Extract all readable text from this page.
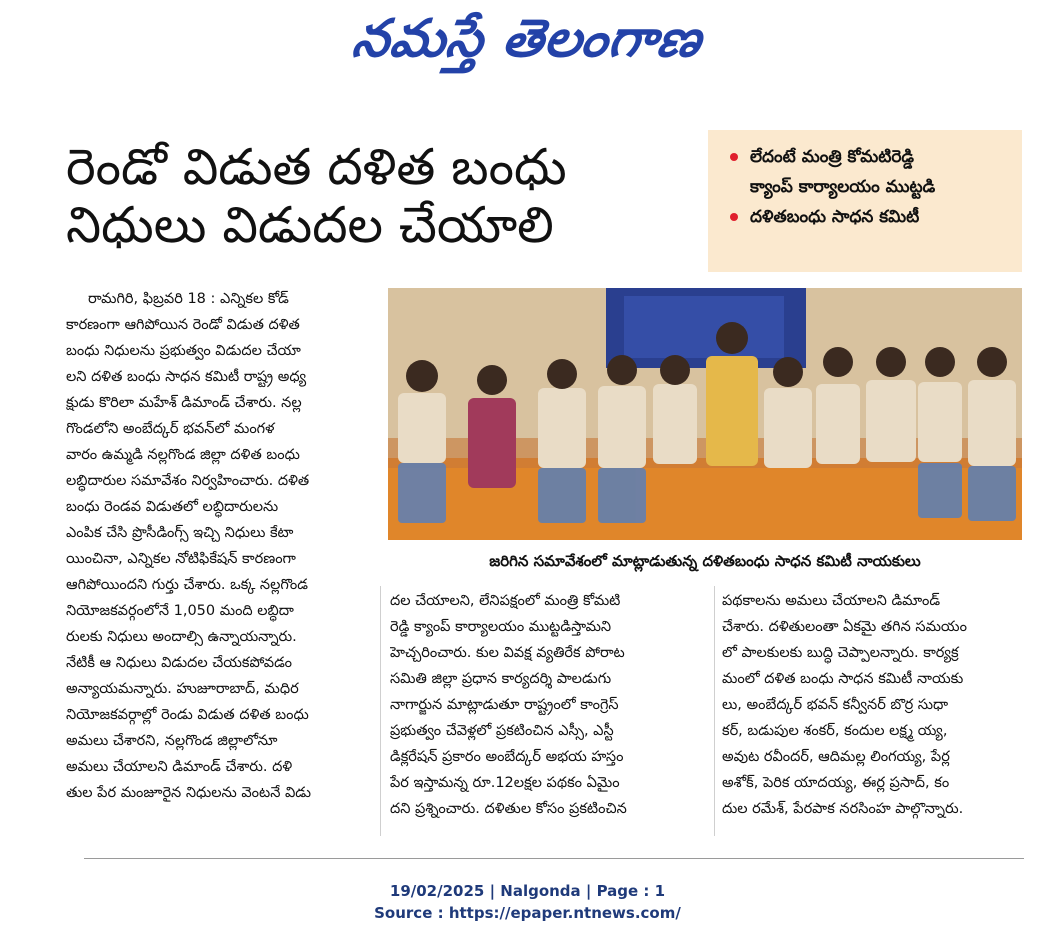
నమస్తే తెలంగాణ
రెండో విడుత దళిత బంధు
నిధులు విడుదల చేయాలి
లేదంటే మంత్రి కోమటిరెడ్డి
క్యాంప్ కార్యాలయం ముట్టడి
దళితబంధు సాధన కమిటీ
రామగిరి, ఫిబ్రవరి 18 : ఎన్నికల కోడ్
కారణంగా ఆగిపోయిన రెండో విడుత దళిత
బంధు నిధులను ప్రభుత్వం విడుదల చేయా
లని దళిత బంధు సాధన కమిటీ రాష్ట్ర అధ్య
క్షుడు కొరిలా మహేశ్ డిమాండ్ చేశారు. నల్ల
గొండలోని అంబేద్కర్ భవన్‌లో మంగళ
వారం ఉమ్మడి నల్లగొండ జిల్లా దళిత బంధు
లబ్ధిదారుల సమావేశం నిర్వహించారు. దళిత
బంధు రెండవ విడుతలో లబ్ధిదారులను
ఎంపిక చేసి ప్రొసీడింగ్స్ ఇచ్చి నిధులు కేటా
యించినా, ఎన్నికల నోటిఫికేషన్ కారణంగా
ఆగిపోయిందని గుర్తు చేశారు. ఒక్క నల్లగొండ
నియోజకవర్గంలోనే 1,050 మంది లబ్ధిదా
రులకు నిధులు అందాల్సి ఉన్నాయన్నారు.
నేటికీ ఆ నిధులు విడుదల చేయకపోవడం
అన్యాయమన్నారు. హుజూరాబాద్, మధిర
నియోజకవర్గాల్లో రెండు విడుత దళిత బంధు
అమలు చేశారని, నల్లగొండ జిల్లాలోనూ
అమలు చేయాలని డిమాండ్ చేశారు. దళి
తుల పేర మంజూరైన నిధులను వెంటనే విడు
జరిగిన సమావేశంలో మాట్లాడుతున్న దళితబంధు సాధన కమిటీ నాయకులు
దల చేయాలని, లేనిపక్షంలో మంత్రి కోమటి
రెడ్డి క్యాంప్ కార్యాలయం ముట్టడిస్తామని
హెచ్చరించారు. కుల వివక్ష వ్యతిరేక పోరాట
సమితి జిల్లా ప్రధాన కార్యదర్శి పాలడుగు
నాగార్జున మాట్లాడుతూ రాష్ట్రంలో కాంగ్రెస్
ప్రభుత్వం చేవెళ్లలో ప్రకటించిన ఎస్సీ, ఎస్టీ
డిక్లరేషన్ ప్రకారం అంబేద్కర్ అభయ హస్తం
పేర ఇస్తామన్న రూ.12లక్షల పథకం ఏమైం
దని ప్రశ్నించారు. దళితుల కోసం ప్రకటించిన
పథకాలను అమలు చేయాలని డిమాండ్
చేశారు. దళితులంతా ఏకమై తగిన సమయం
లో పాలకులకు బుద్ధి చెప్పాలన్నారు. కార్యక్ర
మంలో దళిత బంధు సాధన కమిటీ నాయకు
లు, అంబేద్కర్ భవన్ కన్వీనర్ బొర్ర సుధా
కర్, బడుపుల శంకర్, కందుల లక్ష్మ య్య,
అవుట రవీందర్, ఆదిమల్ల లింగయ్య, పేర్ల
అశోక్, పెరిక యాదయ్య, ఈర్ల ప్రసాద్, కం
దుల రమేశ్, పేరపాక నరసింహ పాల్గొన్నారు.
19/02/2025 | Nalgonda | Page : 1
Source : https://epaper.ntnews.com/
